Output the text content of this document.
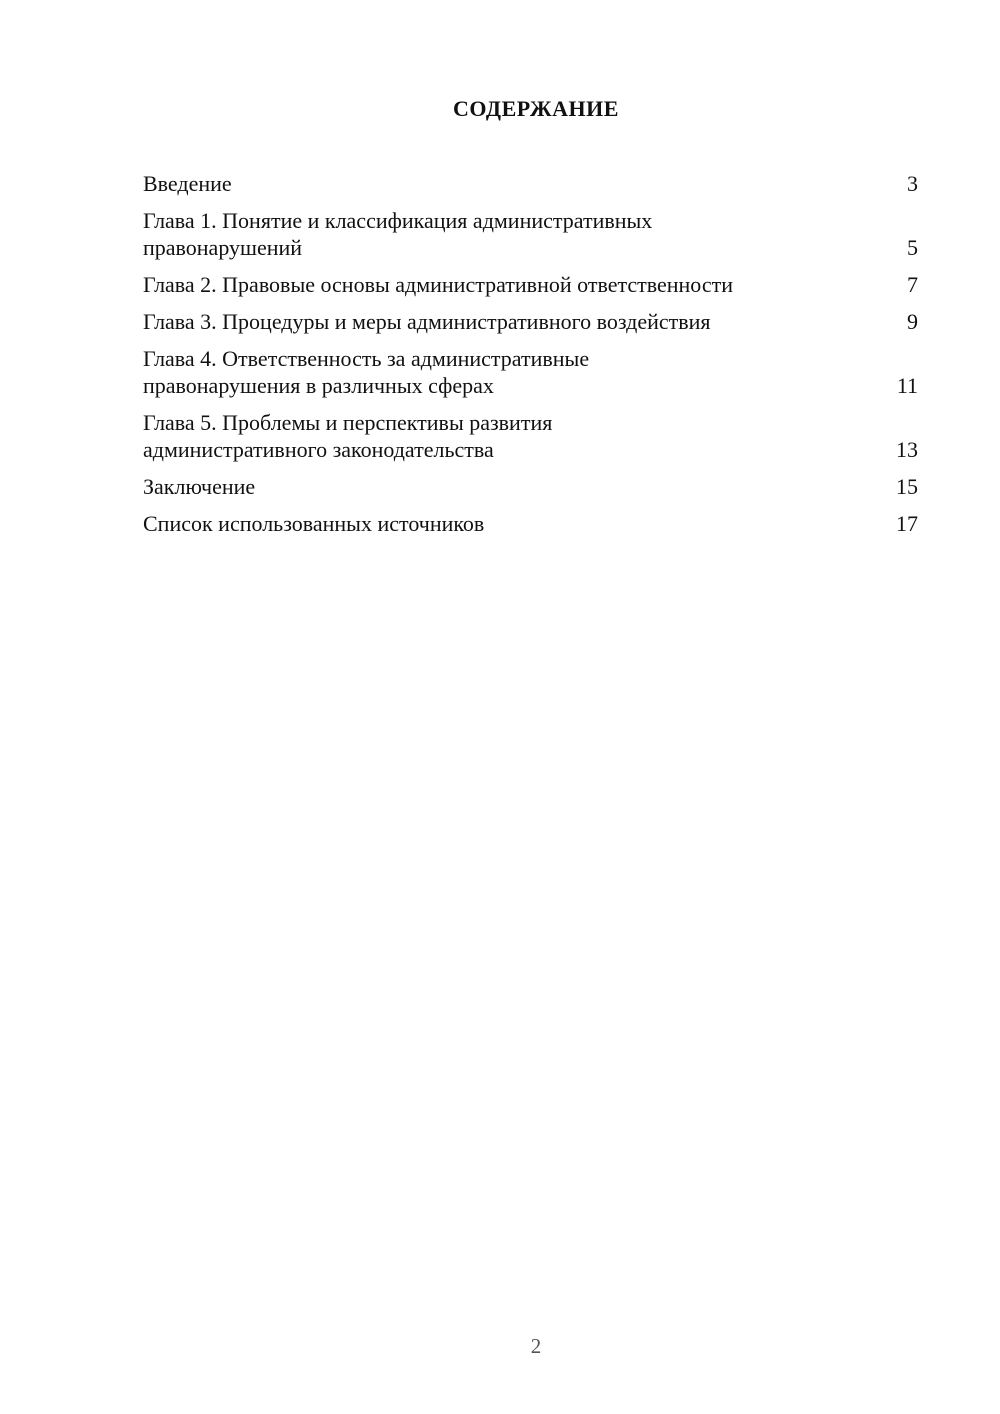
СОДЕРЖАНИЕ
Введение	3
Глава 1. Понятие и классификация административных правонарушений	5
Глава 2. Правовые основы административной ответственности	7
Глава 3. Процедуры и меры административного воздействия	9
Глава 4. Ответственность за административные правонарушения в различных сферах	11
Глава 5. Проблемы и перспективы развития административного законодательства	13
Заключение	15
Список использованных источников	17
2
